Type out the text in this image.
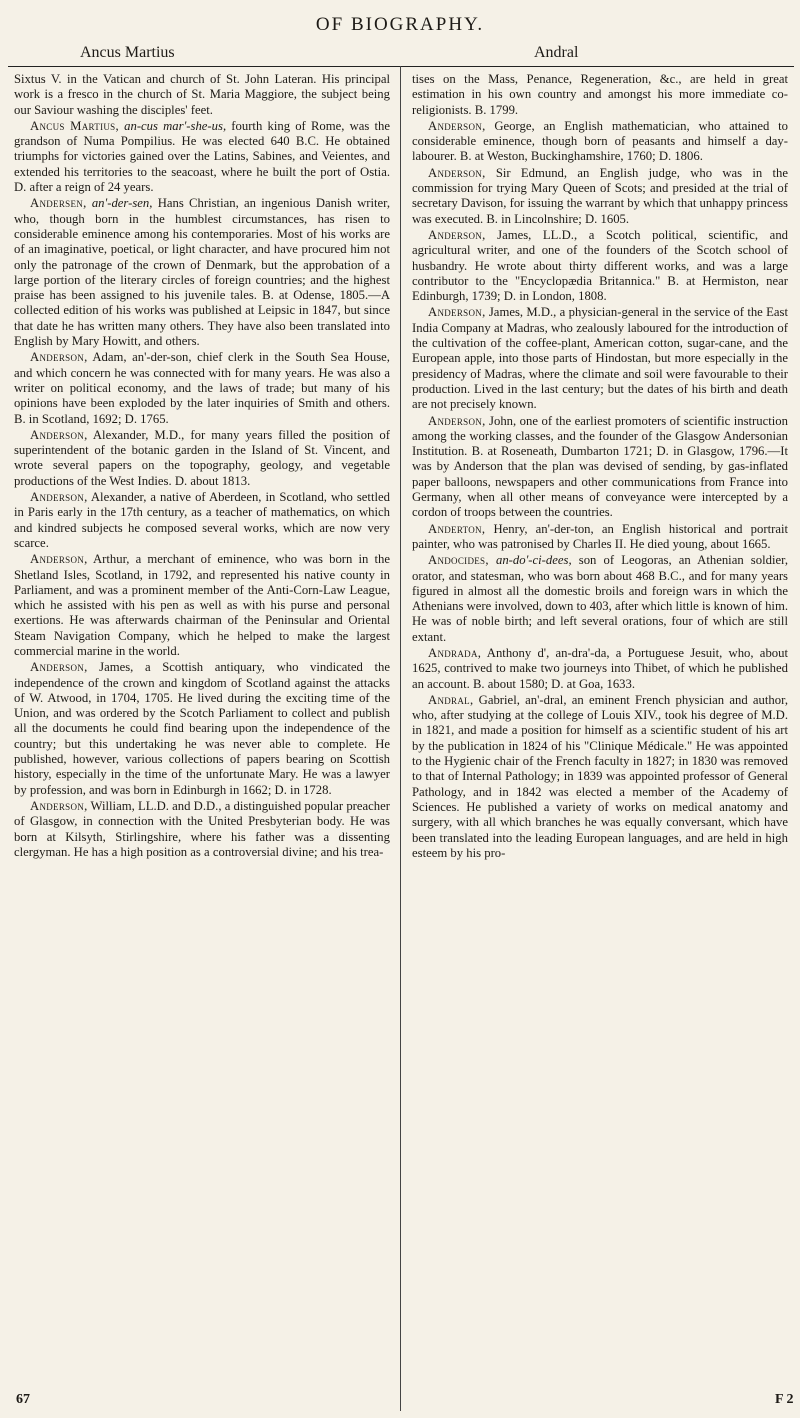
OF BIOGRAPHY.
Ancus Martius	Andral

Sixtus V. in the Vatican and church of St. John Lateran. His principal work is a fresco in the church of St. Maria Maggiore, the subject being our Saviour washing the disciples' feet.

Ancus Martius, an-cus mar'-she-us, fourth king of Rome, was the grandson of Numa Pompilius. He was elected 640 B.C. He obtained triumphs for victories gained over the Latins, Sabines, and Veientes, and extended his territories to the seacoast, where he built the port of Ostia. D. after a reign of 24 years.

Andersen, an'-der-sen, Hans Christian, an ingenious Danish writer, who, though born in the humblest circumstances, has risen to considerable eminence among his contemporaries. Most of his works are of an imaginative, poetical, or light character, and have procured him not only the patronage of the crown of Denmark, but the approbation of a large portion of the literary circles of foreign countries; and the highest praise has been assigned to his juvenile tales. B. at Odense, 1805.—A collected edition of his works was published at Leipsic in 1847, but since that date he has written many others. They have also been translated into English by Mary Howitt, and others.

Anderson, Adam, an'-der-son, chief clerk in the South Sea House, and which concern he was connected with for many years. He was also a writer on political economy, and the laws of trade; but many of his opinions have been exploded by the later inquiries of Smith and others. B. in Scotland, 1692; D. 1765.

Anderson, Alexander, M.D., for many years filled the position of superintendent of the botanic garden in the Island of St. Vincent, and wrote several papers on the topography, geology, and vegetable productions of the West Indies. D. about 1813.

Anderson, Alexander, a native of Aberdeen, in Scotland, who settled in Paris early in the 17th century, as a teacher of mathematics, on which and kindred subjects he composed several works, which are now very scarce.

Anderson, Arthur, a merchant of eminence, who was born in the Shetland Isles, Scotland, in 1792, and represented his native county in Parliament, and was a prominent member of the Anti-Corn-Law League, which he assisted with his pen as well as with his purse and personal exertions. He was afterwards chairman of the Peninsular and Oriental Steam Navigation Company, which he helped to make the largest commercial marine in the world.

Anderson, James, a Scottish antiquary, who vindicated the independence of the crown and kingdom of Scotland against the attacks of W. Atwood, in 1704, 1705. He lived during the exciting time of the Union, and was ordered by the Scotch Parliament to collect and publish all the documents he could find bearing upon the independence of the country; but this undertaking he was never able to complete. He published, however, various collections of papers bearing on Scottish history, especially in the time of the unfortunate Mary. He was a lawyer by profession, and was born in Edinburgh in 1662; D. in 1728.

Anderson, William, LL.D. and D.D., a distinguished popular preacher of Glasgow, in connection with the United Presbyterian body. He was born at Kilsyth, Stirlingshire, where his father was a dissenting clergyman. He has a high position as a controversial divine; and his trea-

tises on the Mass, Penance, Regeneration, &c., are held in great estimation in his own country and amongst his more immediate co-religionists. B. 1799.

Anderson, George, an English mathematician, who attained to considerable eminence, though born of peasants and himself a day-labourer. B. at Weston, Buckinghamshire, 1760; D. 1806.

Anderson, Sir Edmund, an English judge, who was in the commission for trying Mary Queen of Scots; and presided at the trial of secretary Davison, for issuing the warrant by which that unhappy princess was executed. B. in Lincolnshire; D. 1605.

Anderson, James, LL.D., a Scotch political, scientific, and agricultural writer, and one of the founders of the Scotch school of husbandry. He wrote about thirty different works, and was a large contributor to the "Encyclopædia Britannica." B. at Hermiston, near Edinburgh, 1739; D. in London, 1808.

Anderson, James, M.D., a physician-general in the service of the East India Company at Madras, who zealously laboured for the introduction of the cultivation of the coffee-plant, American cotton, sugar-cane, and the European apple, into those parts of Hindostan, but more especially in the presidency of Madras, where the climate and soil were favourable to their production. Lived in the last century; but the dates of his birth and death are not precisely known.

Anderson, John, one of the earliest promoters of scientific instruction among the working classes, and the founder of the Glasgow Andersonian Institution. B. at Roseneath, Dumbarton 1721; D. in Glasgow, 1796.—It was by Anderson that the plan was devised of sending, by gas-inflated paper balloons, newspapers and other communications from France into Germany, when all other means of conveyance were intercepted by a cordon of troops between the countries.

Anderton, Henry, an'-der-ton, an English historical and portrait painter, who was patronised by Charles II. He died young, about 1665.

Andocides, an-do'-ci-dees, son of Leogoras, an Athenian soldier, orator, and statesman, who was born about 468 B.C., and for many years figured in almost all the domestic broils and foreign wars in which the Athenians were involved, down to 403, after which little is known of him. He was of noble birth; and left several orations, four of which are still extant.

Andrada, Anthony d', an-dra'-da, a Portuguese Jesuit, who, about 1625, contrived to make two journeys into Thibet, of which he published an account. B. about 1580; D. at Goa, 1633.

Andral, Gabriel, an'-dral, an eminent French physician and author, who, after studying at the college of Louis XIV., took his degree of M.D. in 1821, and made a position for himself as a scientific student of his art by the publication in 1824 of his "Clinique Médicale." He was appointed to the Hygienic chair of the French faculty in 1827; in 1830 was removed to that of Internal Pathology; in 1839 was appointed professor of General Pathology, and in 1842 was elected a member of the Academy of Sciences. He published a variety of works on medical anatomy and surgery, with all which branches he was equally conversant, which have been translated into the leading European languages, and are held in high esteem by his pro-

67	F 2
